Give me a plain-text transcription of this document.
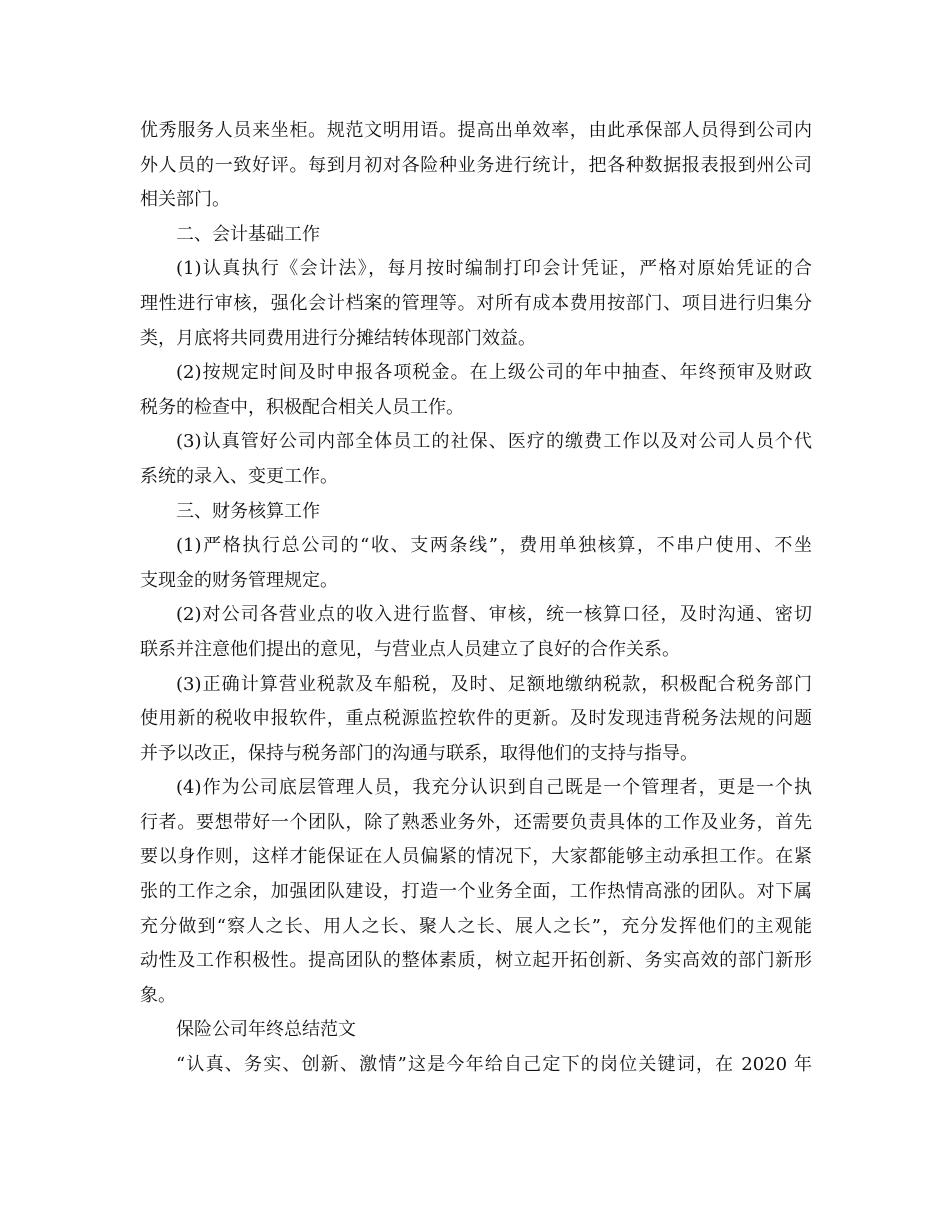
优秀服务人员来坐柜。规范文明用语。提高出单效率，由此承保部人员得到公司内
外人员的一致好评。每到月初对各险种业务进行统计，把各种数据报表报到州公司
相关部门。
二、会计基础工作
(1)认真执行《会计法》，每月按时编制打印会计凭证，严格对原始凭证的合
理性进行审核，强化会计档案的管理等。对所有成本费用按部门、项目进行归集分
类，月底将共同费用进行分摊结转体现部门效益。
(2)按规定时间及时申报各项税金。在上级公司的年中抽查、年终预审及财政
税务的检查中，积极配合相关人员工作。
(3)认真管好公司内部全体员工的社保、医疗的缴费工作以及对公司人员个代
系统的录入、变更工作。
三、财务核算工作
(1)严格执行总公司的“收、支两条线”，费用单独核算，不串户使用、不坐
支现金的财务管理规定。
(2)对公司各营业点的收入进行监督、审核，统一核算口径，及时沟通、密切
联系并注意他们提出的意见，与营业点人员建立了良好的合作关系。
(3)正确计算营业税款及车船税，及时、足额地缴纳税款，积极配合税务部门
使用新的税收申报软件，重点税源监控软件的更新。及时发现违背税务法规的问题
并予以改正，保持与税务部门的沟通与联系，取得他们的支持与指导。
(4)作为公司底层管理人员，我充分认识到自己既是一个管理者，更是一个执
行者。要想带好一个团队，除了熟悉业务外，还需要负责具体的工作及业务，首先
要以身作则，这样才能保证在人员偏紧的情况下，大家都能够主动承担工作。在紧
张的工作之余，加强团队建设，打造一个业务全面，工作热情高涨的团队。对下属
充分做到“察人之长、用人之长、聚人之长、展人之长”，充分发挥他们的主观能
动性及工作积极性。提高团队的整体素质，树立起开拓创新、务实高效的部门新形
象。
保险公司年终总结范文
“认真、务实、创新、激情”这是今年给自己定下的岗位关键词，在 2020 年
